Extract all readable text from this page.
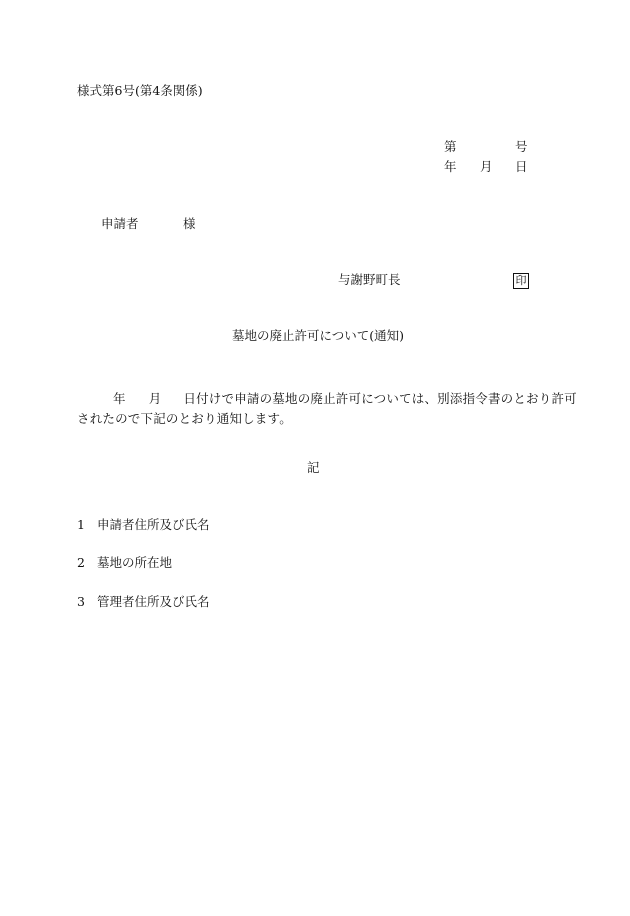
様式第6号(第4条関係)
第	号
年 月 日
申請者	様
与謝野町長	印
墓地の廃止許可について(通知)
年 月 日付けで申請の墓地の廃止許可については、別添指令書のとおり許可
されたので下記のとおり通知します。
記
1 申請者住所及び氏名
2 墓地の所在地
3 管理者住所及び氏名
